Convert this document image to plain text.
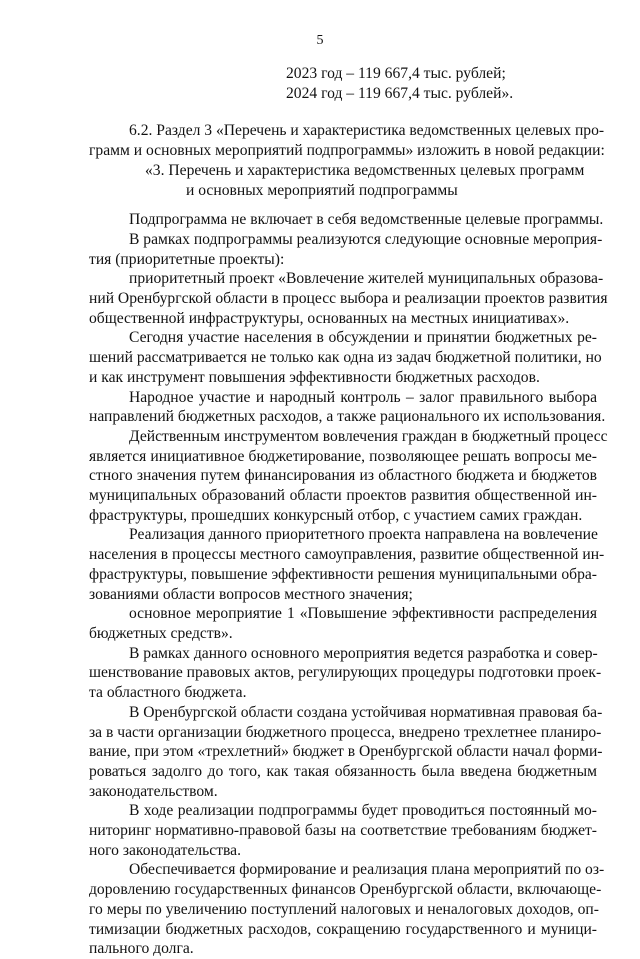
5
2023 год – 119 667,4 тыс. рублей;
2024 год – 119 667,4 тыс. рублей».
6.2. Раздел 3 «Перечень и характеристика ведомственных целевых про-
грамм и основных мероприятий подпрограммы» изложить в новой редакции:
«3. Перечень и характеристика ведомственных целевых программ
и основных мероприятий подпрограммы
Подпрограмма не включает в себя ведомственные целевые программы.
В рамках подпрограммы реализуются следующие основные мероприя-
тия (приоритетные проекты):
приоритетный проект «Вовлечение жителей муниципальных образова-
ний Оренбургской области в процесс выбора и реализации проектов развития
общественной инфраструктуры, основанных на местных инициативах».
Сегодня участие населения в обсуждении и принятии бюджетных ре-
шений рассматривается не только как одна из задач бюджетной политики, но
и как инструмент повышения эффективности бюджетных расходов.
Народное участие и народный контроль – залог правильного выбора
направлений бюджетных расходов, а также рационального их использования.
Действенным инструментом вовлечения граждан в бюджетный процесс
является инициативное бюджетирование, позволяющее решать вопросы ме-
стного значения путем финансирования из областного бюджета и бюджетов
муниципальных образований области проектов развития общественной ин-
фраструктуры, прошедших конкурсный отбор, с участием самих граждан.
Реализация данного приоритетного проекта направлена на вовлечение
населения в процессы местного самоуправления, развитие общественной ин-
фраструктуры, повышение эффективности решения муниципальными обра-
зованиями области вопросов местного значения;
основное мероприятие 1 «Повышение эффективности распределения
бюджетных средств».
В рамках данного основного мероприятия ведется разработка и совер-
шенствование правовых актов, регулирующих процедуры подготовки проек-
та областного бюджета.
В Оренбургской области создана устойчивая нормативная правовая ба-
за в части организации бюджетного процесса, внедрено трехлетнее планиро-
вание, при этом «трехлетний» бюджет в Оренбургской области начал форми-
роваться задолго до того, как такая обязанность была введена бюджетным
законодательством.
В ходе реализации подпрограммы будет проводиться постоянный мо-
ниторинг нормативно-правовой базы на соответствие требованиям бюджет-
ного законодательства.
Обеспечивается формирование и реализация плана мероприятий по оз-
доровлению государственных финансов Оренбургской области, включающе-
го меры по увеличению поступлений налоговых и неналоговых доходов, оп-
тимизации бюджетных расходов, сокращению государственного и муници-
пального долга.
